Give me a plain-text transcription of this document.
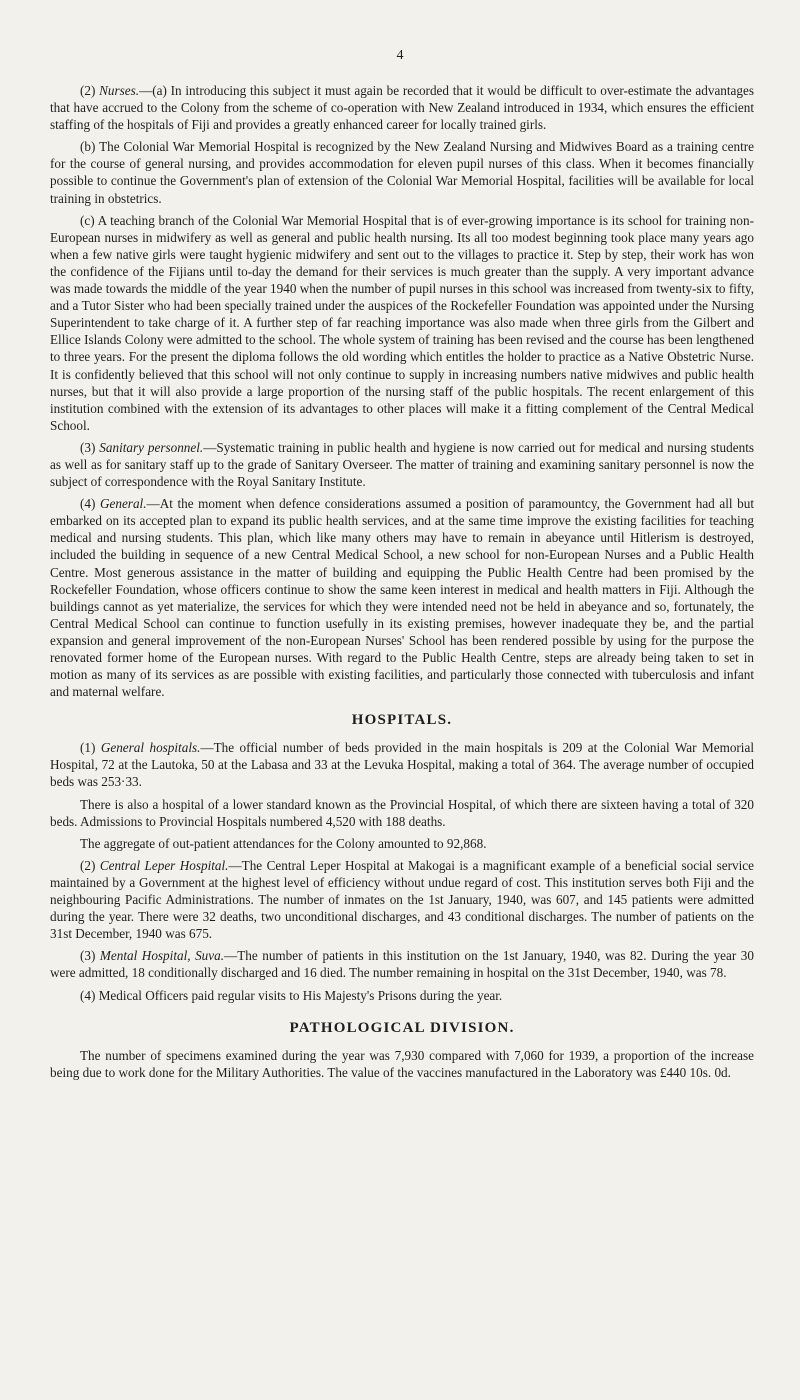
4

(2) Nurses.—(a) In introducing this subject it must again be recorded that it would be difficult to over-estimate the advantages that have accrued to the Colony from the scheme of co-operation with New Zealand introduced in 1934, which ensures the efficient staffing of the hospitals of Fiji and provides a greatly enhanced career for locally trained girls.

(b) The Colonial War Memorial Hospital is recognized by the New Zealand Nursing and Midwives Board as a training centre for the course of general nursing, and provides accommodation for eleven pupil nurses of this class. When it becomes financially possible to continue the Government's plan of extension of the Colonial War Memorial Hospital, facilities will be available for local training in obstetrics.

(c) A teaching branch of the Colonial War Memorial Hospital that is of ever-growing importance is its school for training non-European nurses in midwifery as well as general and public health nursing. Its all too modest beginning took place many years ago when a few native girls were taught hygienic midwifery and sent out to the villages to practice it. Step by step, their work has won the confidence of the Fijians until to-day the demand for their services is much greater than the supply. A very important advance was made towards the middle of the year 1940 when the number of pupil nurses in this school was increased from twenty-six to fifty, and a Tutor Sister who had been specially trained under the auspices of the Rockefeller Foundation was appointed under the Nursing Superintendent to take charge of it. A further step of far reaching importance was also made when three girls from the Gilbert and Ellice Islands Colony were admitted to the school. The whole system of training has been revised and the course has been lengthened to three years. For the present the diploma follows the old wording which entitles the holder to practice as a Native Obstetric Nurse. It is confidently believed that this school will not only continue to supply in increasing numbers native midwives and public health nurses, but that it will also provide a large proportion of the nursing staff of the public hospitals. The recent enlargement of this institution combined with the extension of its advantages to other places will make it a fitting complement of the Central Medical School.

(3) Sanitary personnel.—Systematic training in public health and hygiene is now carried out for medical and nursing students as well as for sanitary staff up to the grade of Sanitary Overseer. The matter of training and examining sanitary personnel is now the subject of correspondence with the Royal Sanitary Institute.

(4) General.—At the moment when defence considerations assumed a position of paramountcy, the Government had all but embarked on its accepted plan to expand its public health services, and at the same time improve the existing facilities for teaching medical and nursing students. This plan, which like many others may have to remain in abeyance until Hitlerism is destroyed, included the building in sequence of a new Central Medical School, a new school for non-European Nurses and a Public Health Centre. Most generous assistance in the matter of building and equipping the Public Health Centre had been promised by the Rockefeller Foundation, whose officers continue to show the same keen interest in medical and health matters in Fiji. Although the buildings cannot as yet materialize, the services for which they were intended need not be held in abeyance and so, fortunately, the Central Medical School can continue to function usefully in its existing premises, however inadequate they be, and the partial expansion and general improvement of the non-European Nurses' School has been rendered possible by using for the purpose the renovated former home of the European nurses. With regard to the Public Health Centre, steps are already being taken to set in motion as many of its services as are possible with existing facilities, and particularly those connected with tuberculosis and infant and maternal welfare.

HOSPITALS.

(1) General hospitals.—The official number of beds provided in the main hospitals is 209 at the Colonial War Memorial Hospital, 72 at the Lautoka, 50 at the Labasa and 33 at the Levuka Hospital, making a total of 364. The average number of occupied beds was 253·33.

There is also a hospital of a lower standard known as the Provincial Hospital, of which there are sixteen having a total of 320 beds. Admissions to Provincial Hospitals numbered 4,520 with 188 deaths.

The aggregate of out-patient attendances for the Colony amounted to 92,868.

(2) Central Leper Hospital.—The Central Leper Hospital at Makogai is a magnificant example of a beneficial social service maintained by a Government at the highest level of efficiency without undue regard of cost. This institution serves both Fiji and the neighbouring Pacific Administrations. The number of inmates on the 1st January, 1940, was 607, and 145 patients were admitted during the year. There were 32 deaths, two unconditional discharges, and 43 conditional discharges. The number of patients on the 31st December, 1940 was 675.

(3) Mental Hospital, Suva.—The number of patients in this institution on the 1st January, 1940, was 82. During the year 30 were admitted, 18 conditionally discharged and 16 died. The number remaining in hospital on the 31st December, 1940, was 78.

(4) Medical Officers paid regular visits to His Majesty's Prisons during the year.

PATHOLOGICAL DIVISION.

The number of specimens examined during the year was 7,930 compared with 7,060 for 1939, a proportion of the increase being due to work done for the Military Authorities. The value of the vaccines manufactured in the Laboratory was £440 10s. 0d.
